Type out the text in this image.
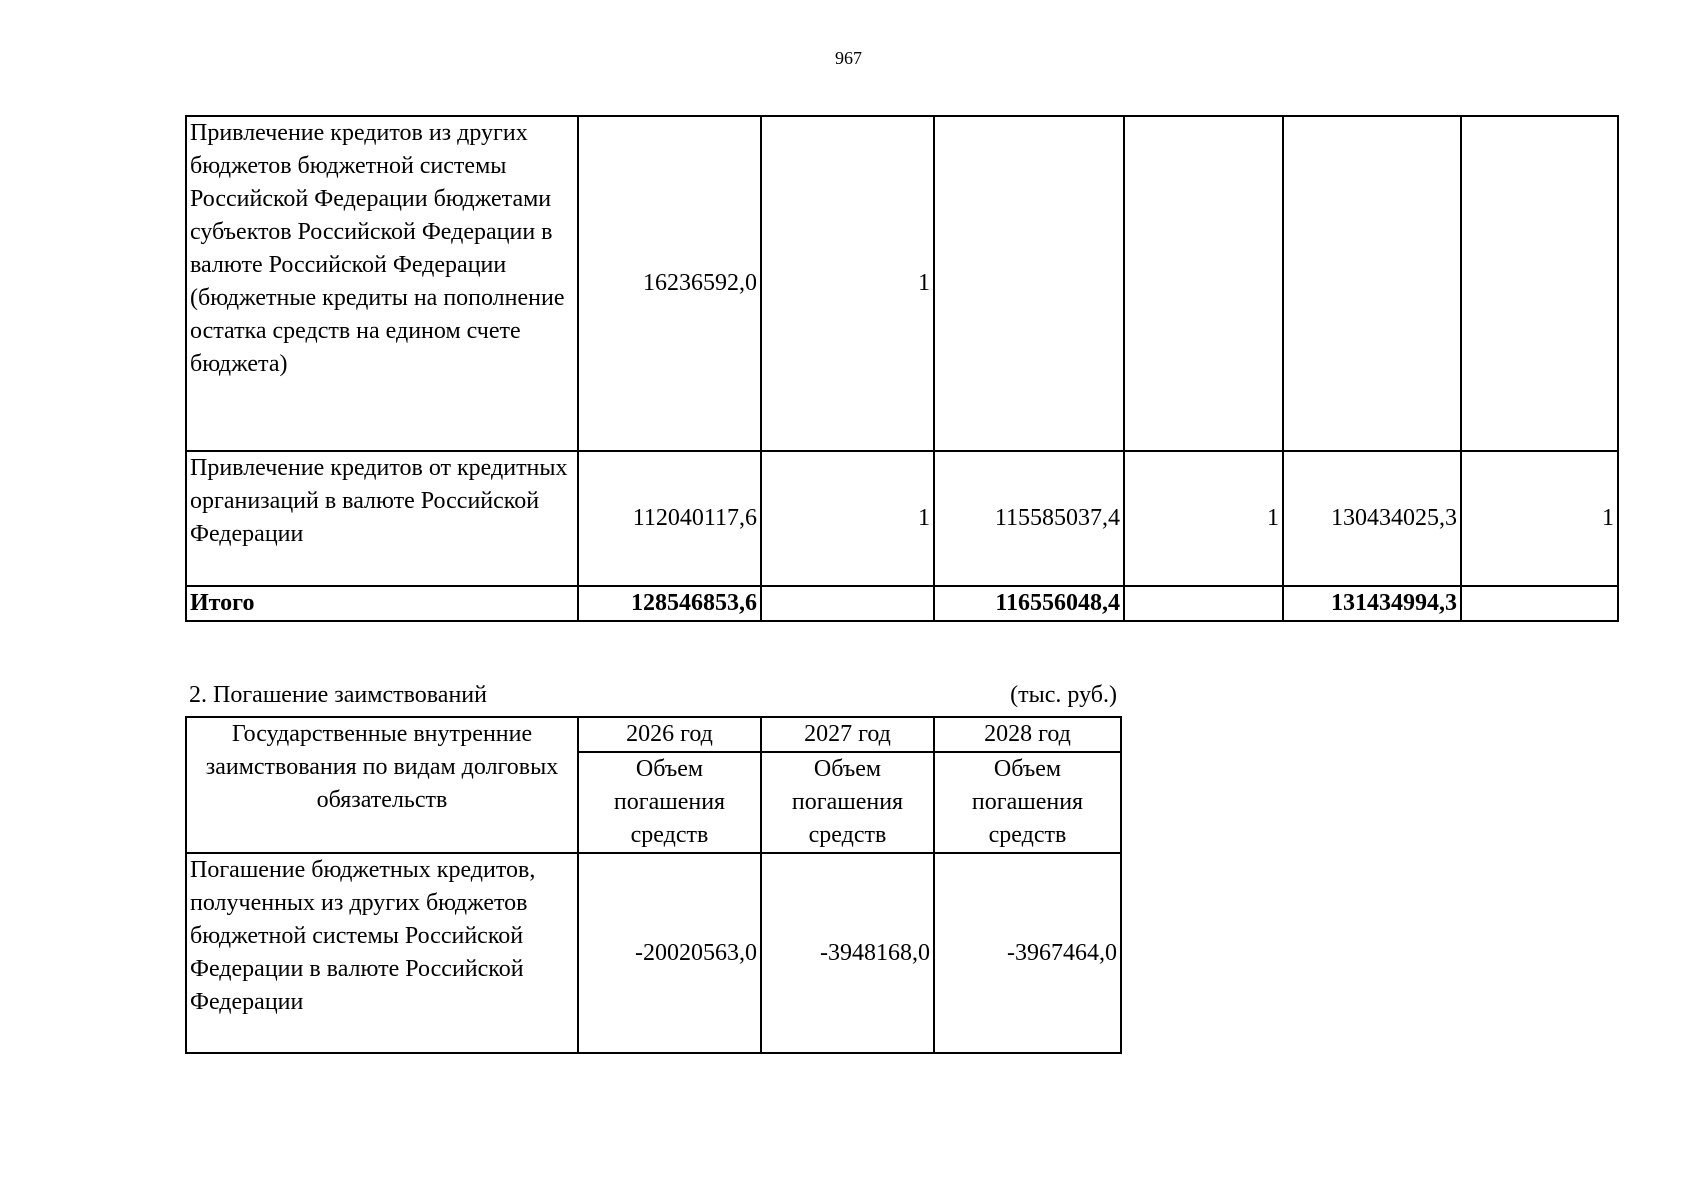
967
Привлечение кредитов из других бюджетов бюджетной системы Российской Федерации бюджетами субъектов Российской Федерации в валюте Российской Федерации (бюджетные кредиты на пополнение остатка средств на едином счете бюджета)	16236592,0	1				
Привлечение кредитов от кредитных организаций в валюте Российской Федерации	112040117,6	1	115585037,4	1	130434025,3	1
Итого	128546853,6		116556048,4		131434994,3	
2. Погашение заимствований	(тыс. руб.)
Государственные внутренние заимствования по видам долговых обязательств	2026 год	2027 год	2028 год
	Объем погашения средств	Объем погашения средств	Объем погашения средств
Погашение бюджетных кредитов, полученных из других бюджетов бюджетной системы Российской Федерации в валюте Российской Федерации	-20020563,0	-3948168,0	-3967464,0
